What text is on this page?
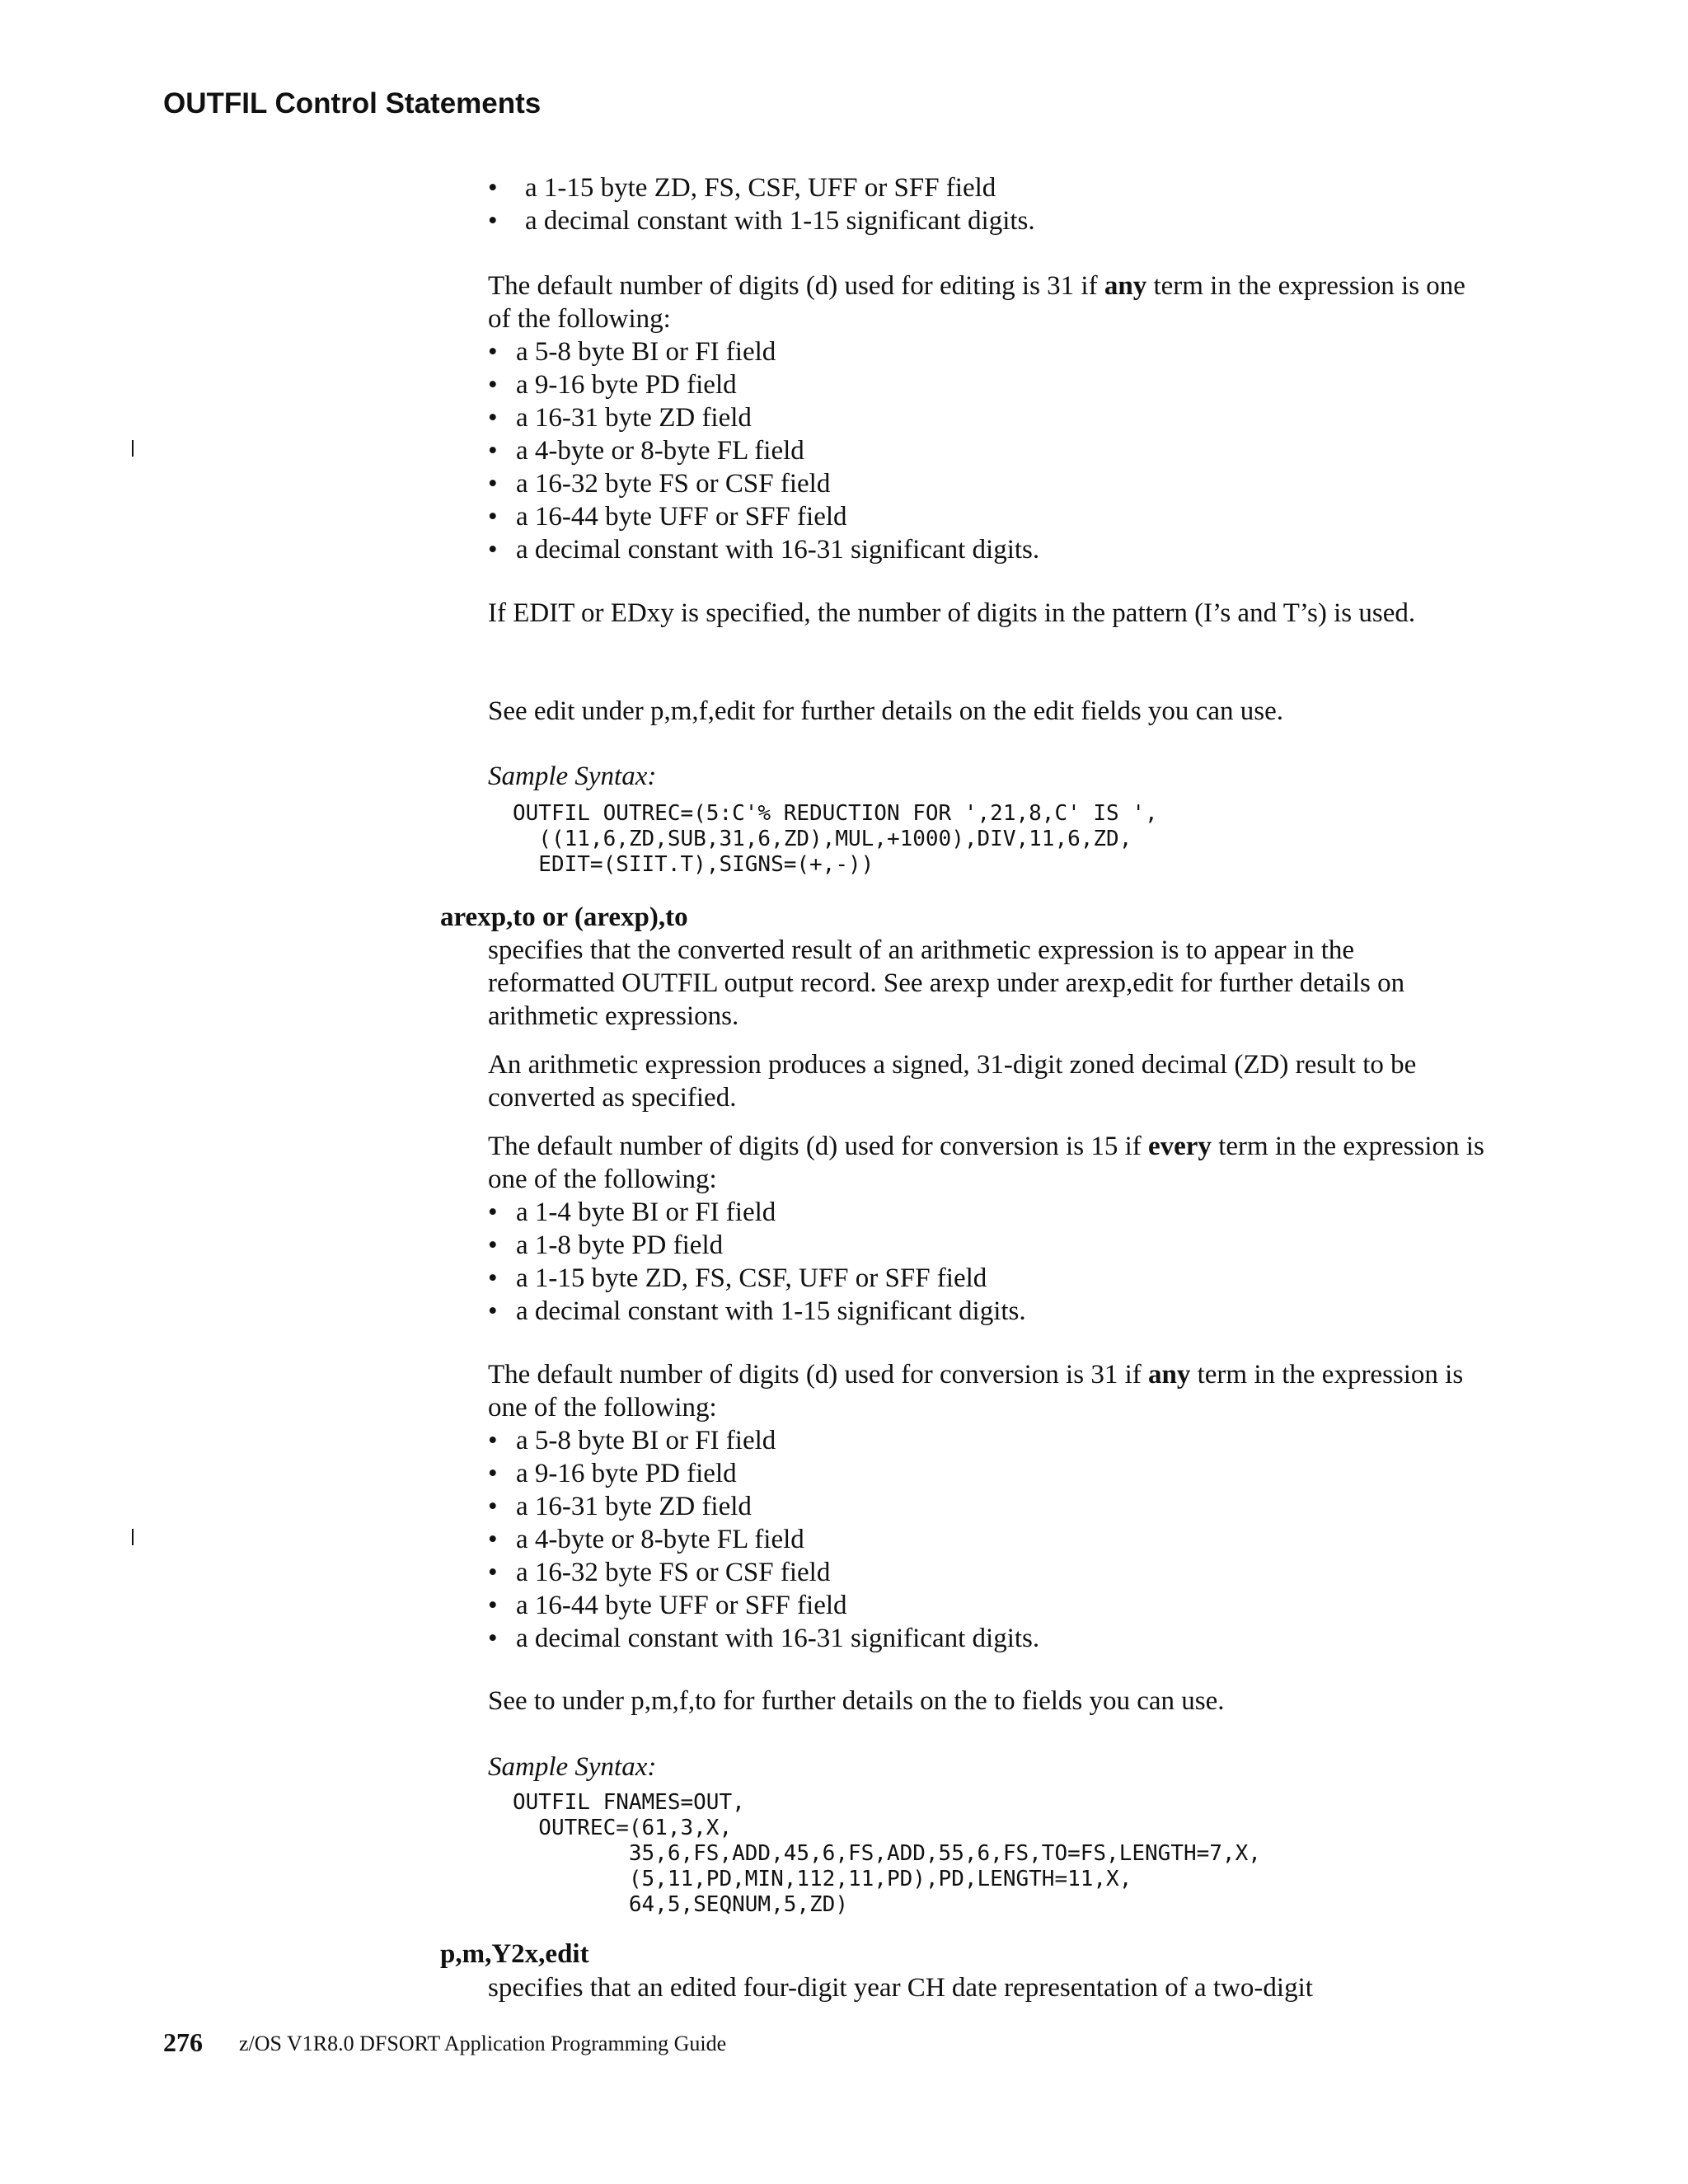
OUTFIL Control Statements
• a 1-15 byte ZD, FS, CSF, UFF or SFF field
• a decimal constant with 1-15 significant digits.

The default number of digits (d) used for editing is 31 if any term in the expression is one of the following:

• a 5-8 byte BI or FI field
• a 9-16 byte PD field
• a 16-31 byte ZD field
• a 4-byte or 8-byte FL field
• a 16-32 byte FS or CSF field
• a 16-44 byte UFF or SFF field
• a decimal constant with 16-31 significant digits.
If EDIT or EDxy is specified, the number of digits in the pattern (I’s and T’s) is used.
See edit under p,m,f,edit for further details on the edit fields you can use.
Sample Syntax:
OUTFIL OUTREC=(5:C'% REDUCTION FOR ',21,8,C' IS ',
((11,6,ZD,SUB,31,6,ZD),MUL,+1000),DIV,11,6,ZD,
EDIT=(SIIT.T),SIGNS=(+,-))
arexp,to or (arexp),to
specifies that the converted result of an arithmetic expression is to appear in the reformatted OUTFIL output record. See arexp under arexp,edit for further details on arithmetic expressions.
An arithmetic expression produces a signed, 31-digit zoned decimal (ZD) result to be converted as specified.

The default number of digits (d) used for conversion is 15 if every term in the expression is one of the following:

• a 1-4 byte BI or FI field
• a 1-8 byte PD field
• a 1-15 byte ZD, FS, CSF, UFF or SFF field
• a decimal constant with 1-15 significant digits.

The default number of digits (d) used for conversion is 31 if any term in the expression is one of the following:

• a 5-8 byte BI or FI field
• a 9-16 byte PD field
• a 16-31 byte ZD field
• a 4-byte or 8-byte FL field
• a 16-32 byte FS or CSF field
• a 16-44 byte UFF or SFF field
• a decimal constant with 16-31 significant digits.
See to under p,m,f,to for further details on the to fields you can use.
Sample Syntax:
OUTFIL FNAMES=OUT,
OUTREC=(61,3,X,
35,6,FS,ADD,45,6,FS,ADD,55,6,FS,TO=FS,LENGTH=7,X,
(5,11,PD,MIN,112,11,PD),PD,LENGTH=11,X,
64,5,SEQNUM,5,ZD)
p,m,Y2x,edit
specifies that an edited four-digit year CH date representation of a two-digit
276 z/OS V1R8.0 DFSORT Application Programming Guide
